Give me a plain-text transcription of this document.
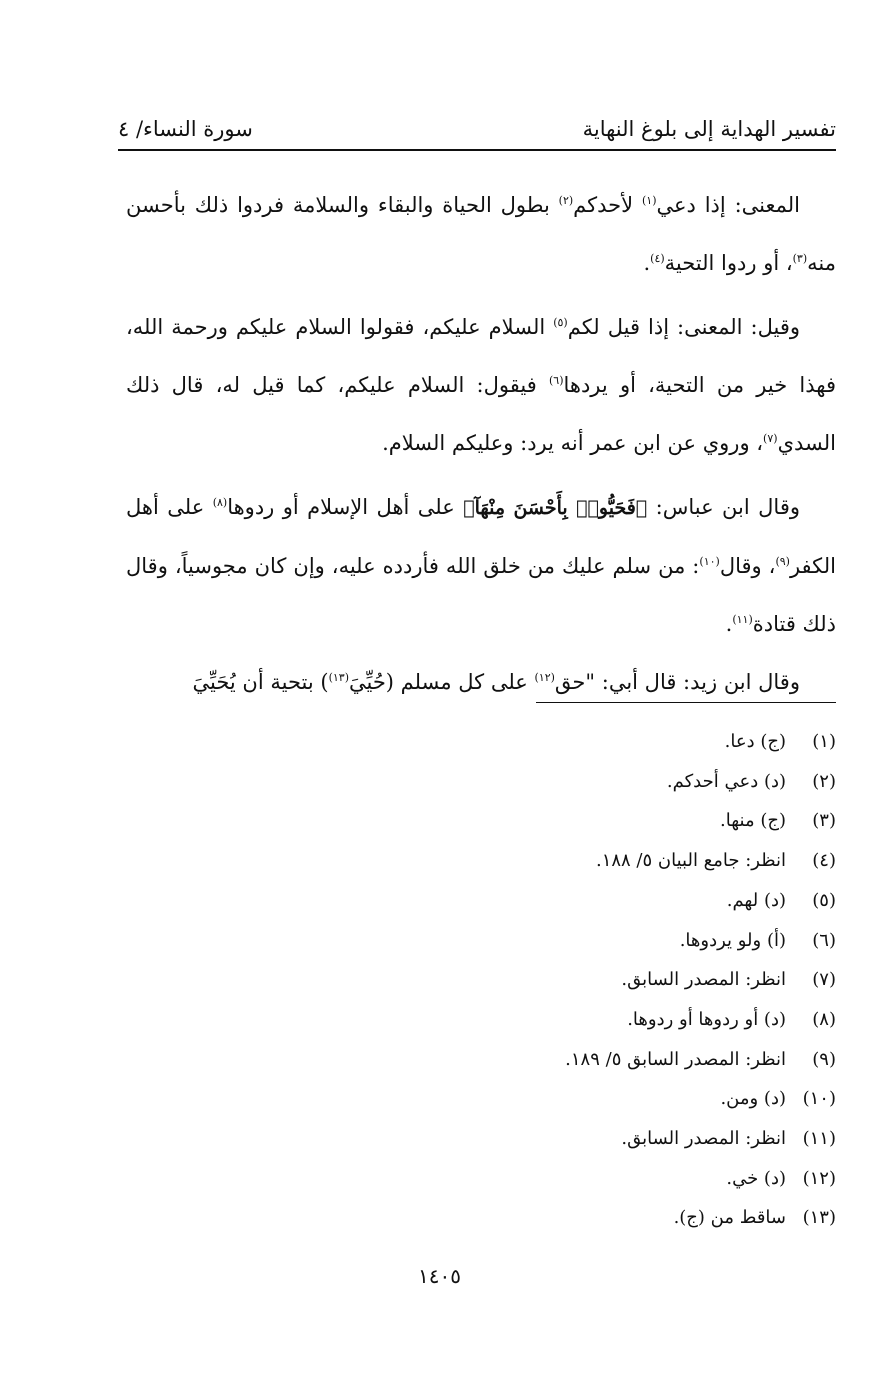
تفسير الهداية إلى بلوغ النهاية
سورة النساء/ ٤

المعنى: إذا دعي$^{(١)}$ لأحدكم$^{(٢)}$ بطول الحياة والبقاء والسلامة فردوا ذلك بأحسن منه$^{(٣)}$، أو ردوا التحية$^{(٤)}$.

وقيل: المعنى: إذا قيل لكم$^{(٥)}$ السلام عليكم، فقولوا السلام عليكم ورحمة الله، فهذا خير من التحية، أو يردها$^{(٦)}$ فيقول: السلام عليكم، كما قيل له، قال ذلك السدي$^{(٧)}$، وروي عن ابن عمر أنه يرد: وعليكم السلام.

وقال ابن عباس: ﴿فَحَيُّوا۟ بِأَحْسَنَ مِنْهَآ﴾ على أهل الإسلام أو ردوها$^{(٨)}$ على أهل الكفر$^{(٩)}$، وقال$^{(١٠)}$: من سلم عليك من خلق الله فأردده عليه، وإن كان مجوسياً، وقال ذلك قتادة$^{(١١)}$.

وقال ابن زيد: قال أبي: "حق$^{(١٢)}$ على كل مسلم (حُيِّيَ$^{(١٣)}$) بتحية أن يُحَيِّيَ

(١)(ج) دعا.
(٢)(د) دعي أحدكم.
(٣)(ج) منها.
(٤)انظر: جامع البيان ٥/ ١٨٨.
(٥)(د) لهم.
(٦)(أ) ولو يردوها.
(٧)انظر: المصدر السابق.
(٨)(د) أو ردوها أو ردوها.
(٩)انظر: المصدر السابق ٥/ ١٨٩.
(١٠)(د) ومن.
(١١)انظر: المصدر السابق.
(١٢)(د) خي.
(١٣)ساقط من (ج).
١٤٠٥
